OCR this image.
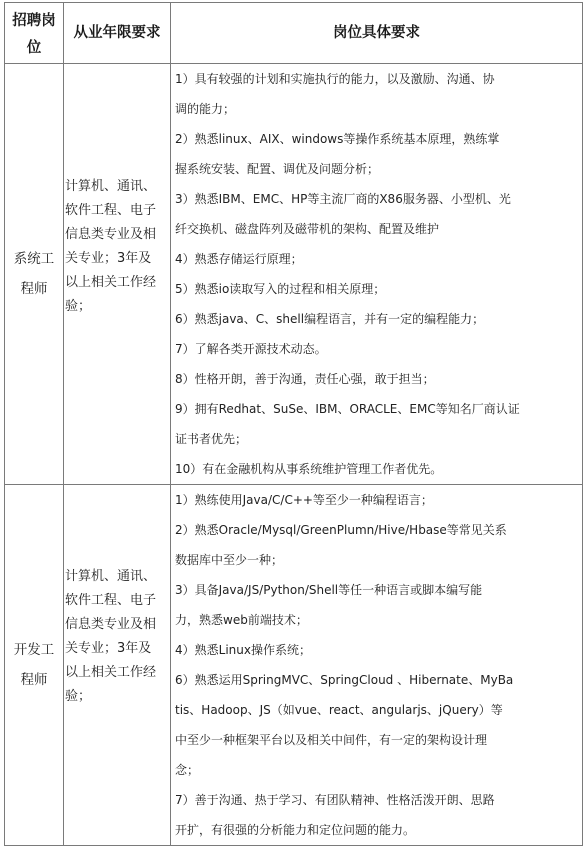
招聘岗
位
从业年限要求	岗位具体要求
系统工
程师
计算机、通讯、
软件工程、电子
信息类专业及相
关专业；3年及
以上相关工作经
验；
1）具有较强的计划和实施执行的能力，以及激励、沟通、协
调的能力；
2）熟悉linux、AIX、windows等操作系统基本原理，熟练掌
握系统安装、配置、调优及问题分析；
3）熟悉IBM、EMC、HP等主流厂商的X86服务器、小型机、光
纤交换机、磁盘阵列及磁带机的架构、配置及维护
4）熟悉存储运行原理；
5）熟悉io读取写入的过程和相关原理；
6）熟悉java、C、shell编程语言，并有一定的编程能力；
7）了解各类开源技术动态。
8）性格开朗，善于沟通，责任心强，敢于担当；
9）拥有Redhat、SuSe、IBM、ORACLE、EMC等知名厂商认证
证书者优先；
10）有在金融机构从事系统维护管理工作者优先。
开发工
程师
计算机、通讯、
软件工程、电子
信息类专业及相
关专业；3年及
以上相关工作经
验；
1）熟练使用Java/C/C++等至少一种编程语言；
2）熟悉Oracle/Mysql/GreenPlumn/Hive/Hbase等常见关系
数据库中至少一种；
3）具备Java/JS/Python/Shell等任一种语言或脚本编写能
力，熟悉web前端技术；
4）熟悉Linux操作系统；
6）熟悉运用SpringMVC、SpringCloud 、Hibernate、MyBa
tis、Hadoop、JS（如vue、react、angularjs、jQuery）等
中至少一种框架平台以及相关中间件，有一定的架构设计理
念；
7）善于沟通、热于学习、有团队精神、性格活泼开朗、思路
开扩，有很强的分析能力和定位问题的能力。
